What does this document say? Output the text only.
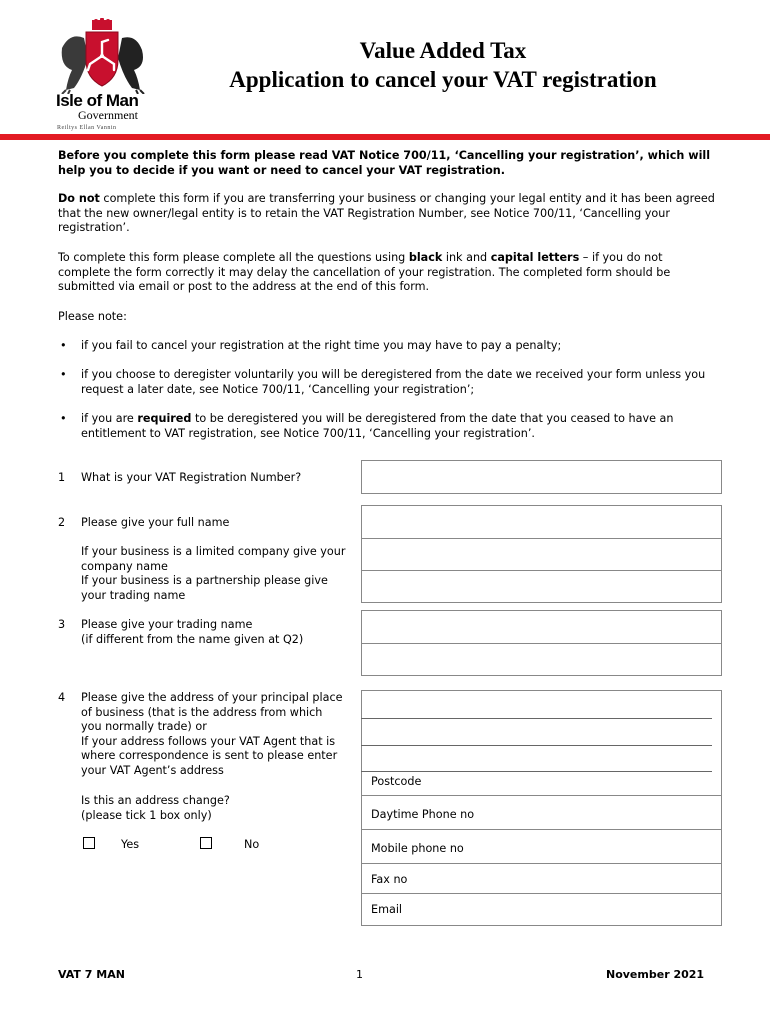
Isle of Man
Government
Reiltys Ellan Vannin
Value Added Tax
Application to cancel your VAT registration
Before you complete this form please read VAT Notice 700/11, ‘Cancelling your registration’, which will help you to decide if you want or need to cancel your VAT registration.
Do not complete this form if you are transferring your business or changing your legal entity and it has been agreed that the new owner/legal entity is to retain the VAT Registration Number, see Notice 700/11, ‘Cancelling your registration’.
To complete this form please complete all the questions using black ink and capital letters – if you do not complete the form correctly it may delay the cancellation of your registration. The completed form should be submitted via email or post to the address at the end of this form.
Please note:
• if you fail to cancel your registration at the right time you may have to pay a penalty;
• if you choose to deregister voluntarily you will be deregistered from the date we received your form unless you request a later date, see Notice 700/11, ‘Cancelling your registration’;
• if you are required to be deregistered you will be deregistered from the date that you ceased to have an entitlement to VAT registration, see Notice 700/11, ‘Cancelling your registration’.
1 What is your VAT Registration Number?
2 Please give your full name
If your business is a limited company give your company name
If your business is a partnership please give your trading name
3 Please give your trading name
(if different from the name given at Q2)
4 Please give the address of your principal place of business (that is the address from which you normally trade) or
If your address follows your VAT Agent that is where correspondence is sent to please enter your VAT Agent’s address
Postcode
Daytime Phone no
Mobile phone no
Fax no
Email
Is this an address change?
(please tick 1 box only)
Yes	No
VAT 7 MAN	1	November 2021
